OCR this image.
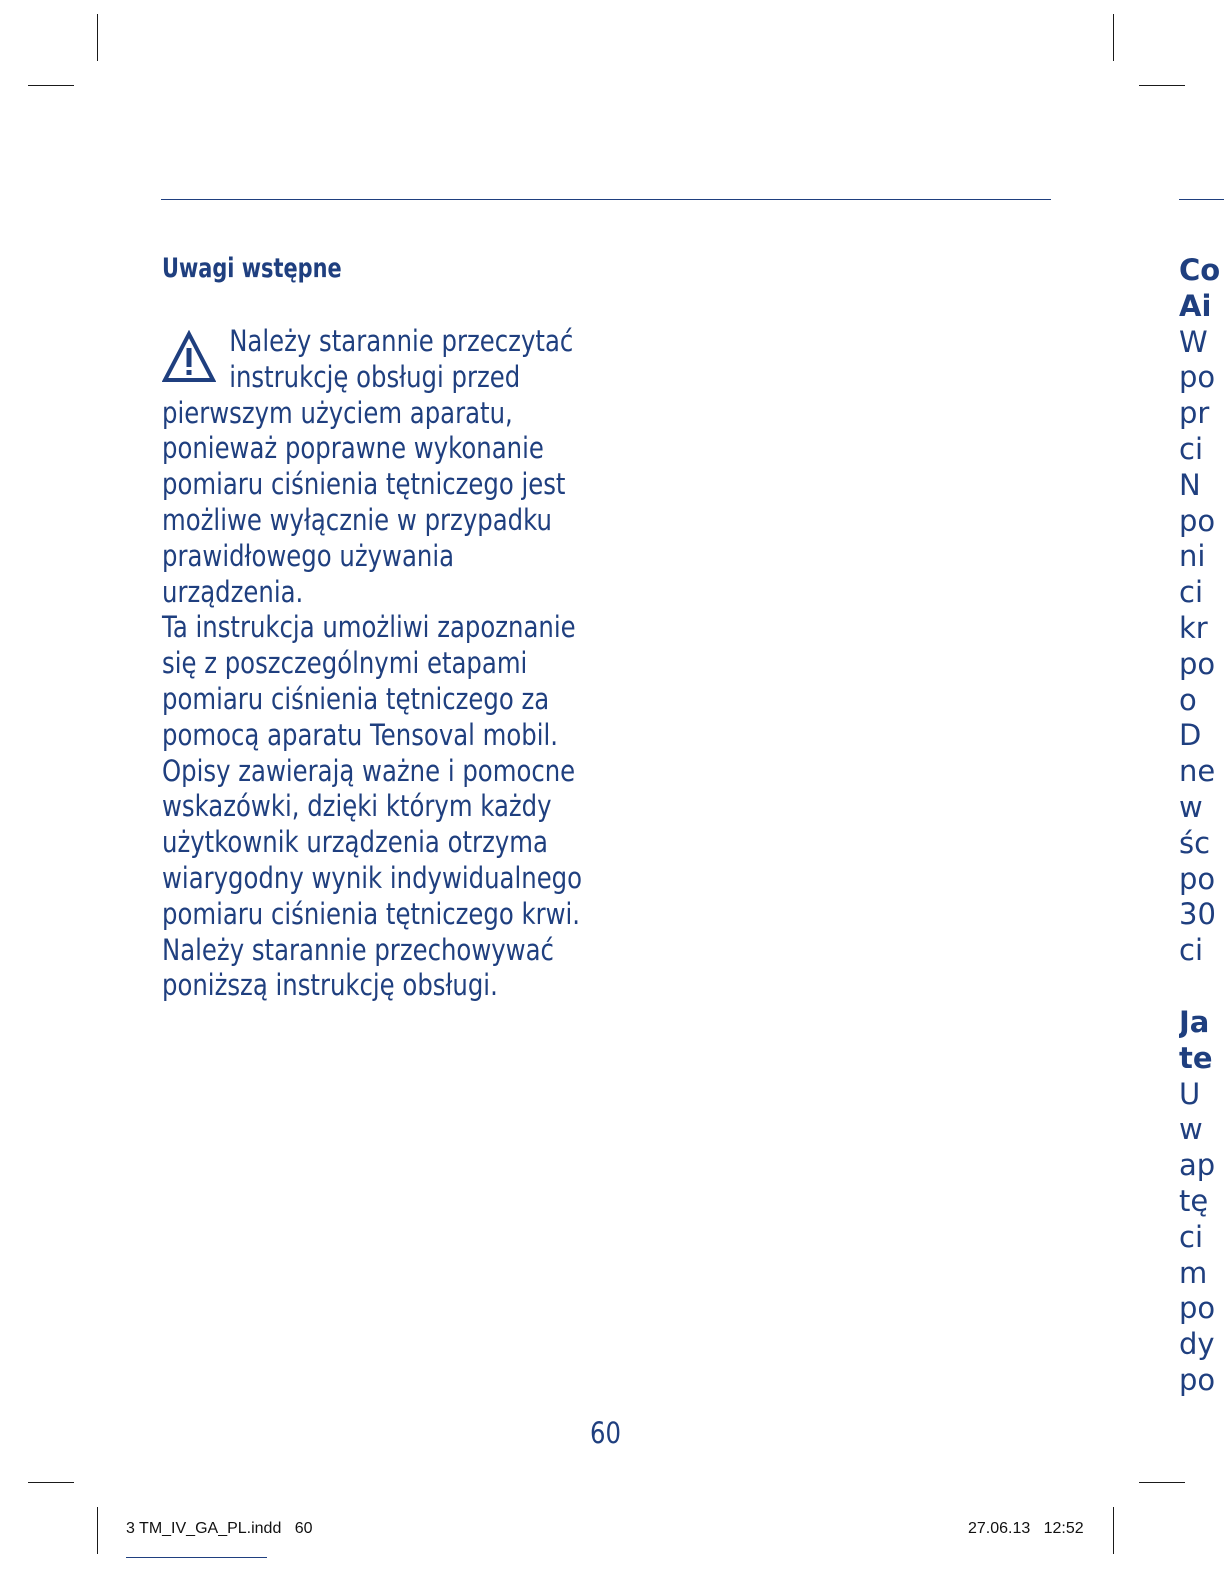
Uwagi wstępne
Należy starannie przeczytać
instrukcję obsługi przed
pierwszym użyciem aparatu,
ponieważ poprawne wykonanie
pomiaru ciśnienia tętniczego jest
możliwe wyłącznie w przypadku
prawidłowego używania
urządzenia.
Ta instrukcja umożliwi zapoznanie
się z poszczególnymi etapami
pomiaru ciśnienia tętniczego za
pomocą aparatu Tensoval mobil.
Opisy zawierają ważne i pomocne
wskazówki, dzięki którym każdy
użytkownik urządzenia otrzyma
wiarygodny wynik indywidualnego
pomiaru ciśnienia tętniczego krwi.
Należy starannie przechowywać
poniższą instrukcję obsługi.
Co
Ai
W
po
pr
ci
N
po
ni
ci
kr
po
o
D
ne
w
śc
po
30
ci
Ja
te
U
w
ap
tę
ci
m
po
dy
po
60
3 TM_IV_GA_PL.indd   60	27.06.13   12:52
